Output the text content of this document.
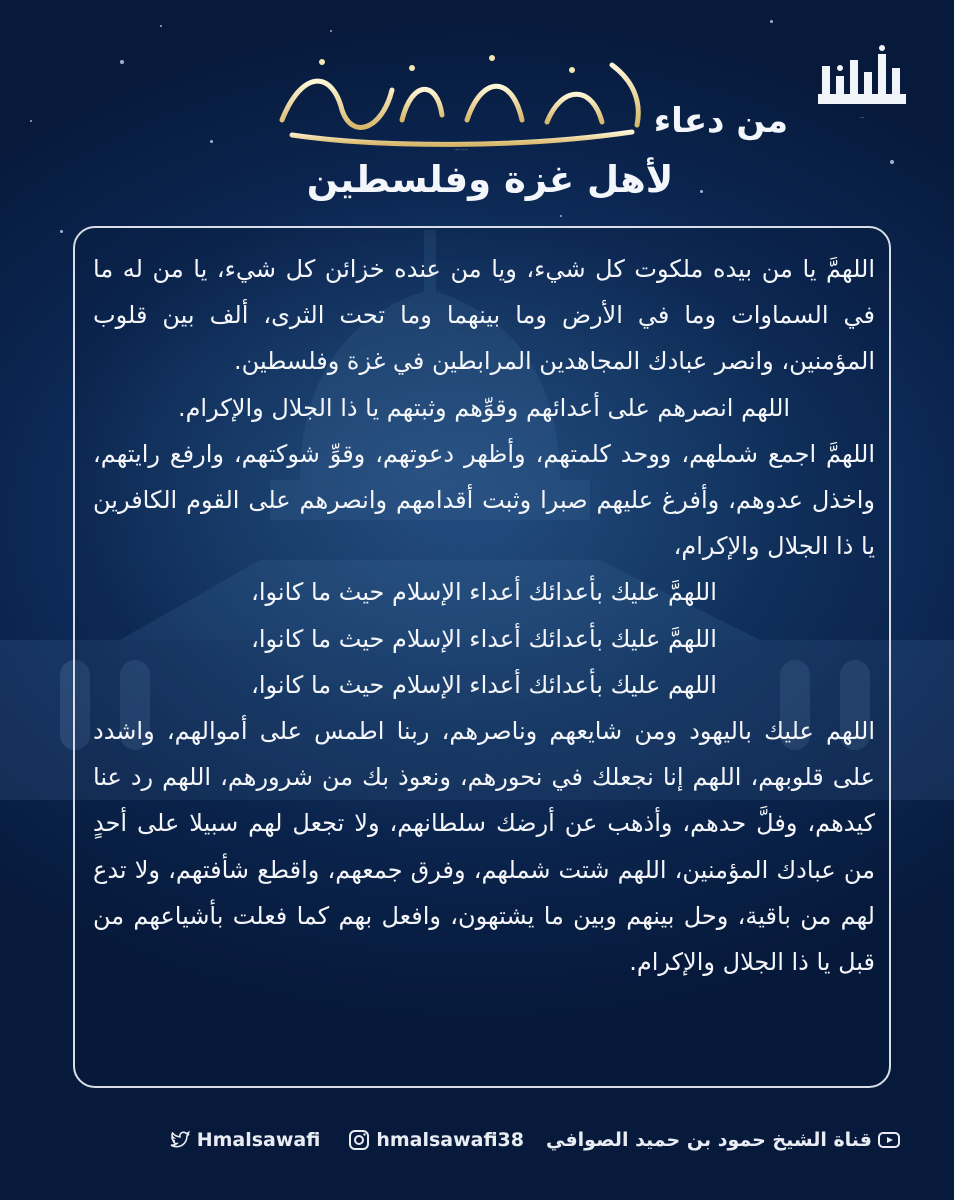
الصوافي
الشيخ حمود بن حميد الصوافي
من دعاء
لأهل غزة وفلسطين

اللهمَّ يا من بيده ملكوت كل شيء، ويا من عنده خزائن كل شيء، يا من له ما في السماوات وما في الأرض وما بينهما وما تحت الثرى، ألف بين قلوب المؤمنين، وانصر عبادك المجاهدين المرابطين في غزة وفلسطين.

اللهم انصرهم على أعدائهم وقوِّهم وثبتهم يا ذا الجلال والإكرام.

اللهمَّ اجمع شملهم، ووحد كلمتهم، وأظهر دعوتهم، وقوِّ شوكتهم، وارفع رايتهم، واخذل عدوهم، وأفرغ عليهم صبرا وثبت أقدامهم وانصرهم على القوم الكافرين يا ذا الجلال والإكرام،

اللهمَّ عليك بأعدائك أعداء الإسلام حيث ما كانوا،

اللهمَّ عليك بأعدائك أعداء الإسلام حيث ما كانوا،

اللهم عليك بأعدائك أعداء الإسلام حيث ما كانوا،

اللهم عليك باليهود ومن شايعهم وناصرهم، ربنا اطمس على أموالهم، واشدد على قلوبهم، اللهم إنا نجعلك في نحورهم، ونعوذ بك من شرورهم، اللهم رد عنا كيدهم، وفلَّ حدهم، وأذهب عن أرضك سلطانهم، ولا تجعل لهم سبيلا على أحدٍ من عبادك المؤمنين، اللهم شتت شملهم، وفرق جمعهم، واقطع شأفتهم، ولا تدع لهم من باقية، وحل بينهم وبين ما يشتهون، وافعل بهم كما فعلت بأشياعهم من قبل يا ذا الجلال والإكرام.

قناة الشيخ حمود بن حميد الصوافي
hmalsawafi38
Hmalsawafi
